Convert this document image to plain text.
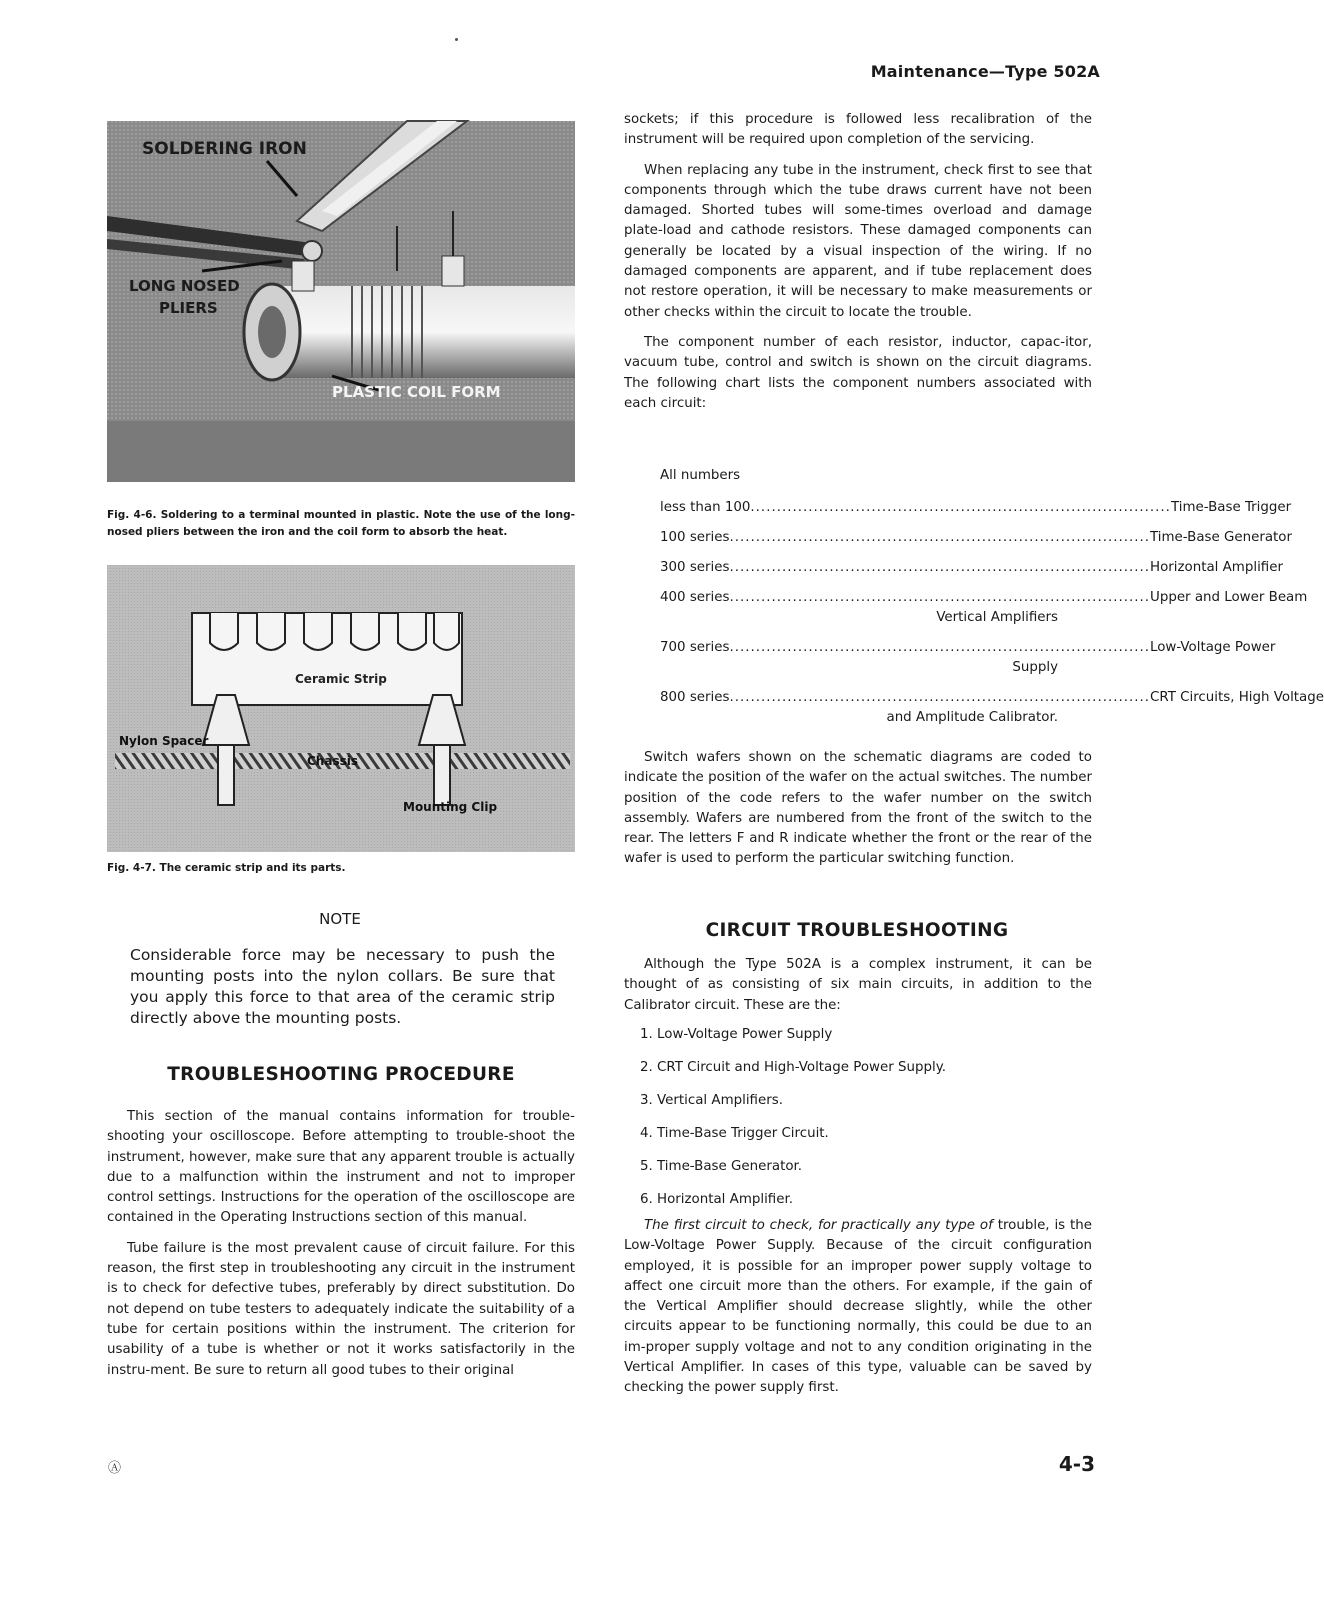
Maintenance—Type 502A
SOLDERING IRON
LONG NOSED PLIERS
PLASTIC COIL FORM
Fig. 4-6. Soldering to a terminal mounted in plastic. Note the use of the long-nosed pliers between the iron and the coil form to absorb the heat.
Ceramic Strip
Nylon Spacer
Chassis
Mounting Clip
Fig. 4-7. The ceramic strip and its parts.
NOTE
Considerable force may be necessary to push the mounting posts into the nylon collars. Be sure that you apply this force to that area of the ceramic strip directly above the mounting posts.
TROUBLESHOOTING PROCEDURE

This section of the manual contains information for trouble-shooting your oscilloscope. Before attempting to trouble-shoot the instrument, however, make sure that any apparent trouble is actually due to a malfunction within the instrument and not to improper control settings. Instructions for the operation of the oscilloscope are contained in the Operating Instructions section of this manual.

Tube failure is the most prevalent cause of circuit failure. For this reason, the first step in troubleshooting any circuit in the instrument is to check for defective tubes, preferably by direct substitution. Do not depend on tube testers to adequately indicate the suitability of a tube for certain positions within the instrument. The criterion for usability of a tube is whether or not it works satisfactorily in the instru-ment. Be sure to return all good tubes to their original

sockets; if this procedure is followed less recalibration of the instrument will be required upon completion of the servicing.

When replacing any tube in the instrument, check first to see that components through which the tube draws current have not been damaged. Shorted tubes will some-times overload and damage plate-load and cathode resistors. These damaged components can generally be located by a visual inspection of the wiring. If no damaged components are apparent, and if tube replacement does not restore operation, it will be necessary to make measurements or other checks within the circuit to locate the trouble.

The component number of each resistor, inductor, capac-itor, vacuum tube, control and switch is shown on the circuit diagrams. The following chart lists the component numbers associated with each circuit:

All numbers
less than 100 ................................................................................ Time-Base Trigger
100 series ................................................................................ Time-Base Generator
300 series ................................................................................ Horizontal Amplifier
400 series ................................................................................ Upper and Lower Beam
Vertical Amplifiers
700 series ................................................................................ Low-Voltage Power
Supply
800 series ................................................................................ CRT Circuits, High Voltage
and Amplitude Calibrator.

Switch wafers shown on the schematic diagrams are coded to indicate the position of the wafer on the actual switches. The number position of the code refers to the wafer number on the switch assembly. Wafers are numbered from the front of the switch to the rear. The letters F and R indicate whether the front or the rear of the wafer is used to perform the particular switching function.

CIRCUIT TROUBLESHOOTING

Although the Type 502A is a complex instrument, it can be thought of as consisting of six main circuits, in addition to the Calibrator circuit. These are the:

1. Low-Voltage Power Supply
2. CRT Circuit and High-Voltage Power Supply.
3. Vertical Amplifiers.
4. Time-Base Trigger Circuit.
5. Time-Base Generator.
6. Horizontal Amplifier.

The first circuit to check, for practically any type of trouble, is the Low-Voltage Power Supply. Because of the circuit configuration employed, it is possible for an improper power supply voltage to affect one circuit more than the others. For example, if the gain of the Vertical Amplifier should decrease slightly, while the other circuits appear to be functioning normally, this could be due to an im-proper supply voltage and not to any condition originating in the Vertical Amplifier. In cases of this type, valuable can be saved by checking the power supply first.

Ⓐ	4-3
